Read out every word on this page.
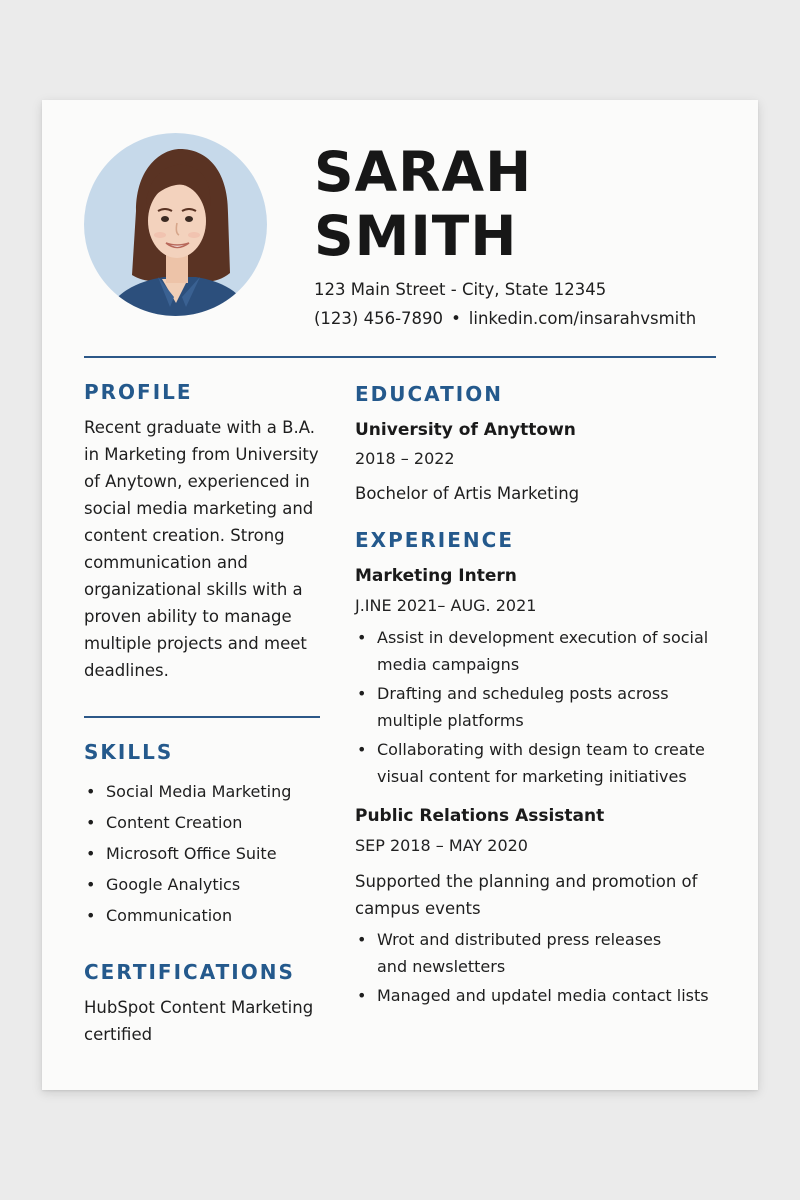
SARAH
SMITH
123 Main Street - City, State 12345
(123) 456-7890 • linkedin.com/insarahvsmith
PROFILE

Recent graduate with a B.A. in Marketing from University of Anytown, experienced in social media marketing and content creation. Strong communication and organizational skills with a proven ability to manage multiple projects and meet deadlines.

SKILLS
• Social Media Marketing
• Content Creation
• Microsoft Office Suite
• Google Analytics
• Communication
CERTIFICATIONS

HubSpot Content Marketing certified

EDUCATION
University of Anyttown
2018 – 2022
Bochelor of Artis Marketing
EXPERIENCE
Marketing Intern
J.INE 2021– AUG. 2021
• Assist in development execution of social media campaigns
• Drafting and scheduleg posts across multiple platforms
• Collaborating with design team to create visual content for marketing initiatives
Public Relations Assistant
SEP 2018 – MAY 2020

Supported the planning and promotion of campus events

• Wrot and distributed press releases and newsletters
• Managed and updatel media contact lists
